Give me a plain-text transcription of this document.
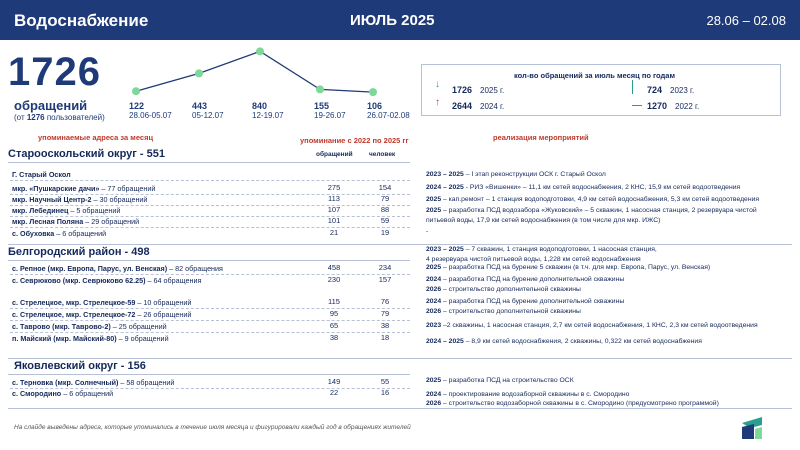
Водоснабжение	ИЮЛЬ 2025	28.06 – 02.08
1726
обращений
(от 1276 пользователей)
122
28.06-05.07
443
05-12.07
840
12-19.07
155
19-26.07
106
26.07-02.08
кол-во обращений за июль месяц по годам
↓ 1726 2025 г.
↑ 2644 2024 г.
724 2023 г.
1270 2022 г.
упоминаемые адреса за месяц	упоминание с 2022 по 2025 гг	реализация мероприятий
обращений	человек
Старооскольский округ - 551
Белгородский район - 498
Яковлевский округ - 156
Г. Старый Оскол
мкр. «Пушкарские дачи» – 77 обращений	275	154
мкр. Научный Центр-2 – 30 обращений	113	79
мкр. Лебединец – 5 обращений	107	88
мкр. Лесная Поляна – 29 обращений	101	59
с. Обуховка – 6 обращений	21	19
с. Репное (мкр. Европа, Парус, ул. Венская) – 82 обращения	458	234
с. Севрюково (мкр. Севрюково 62.25) – 64 обращения	230	157
с. Стрелецкое, мкр. Стрелецкое-59 – 10 обращений	115	76
с. Стрелецкое, мкр. Стрелецкое-72 – 26 обращений	95	79
с. Таврово (мкр. Таврово-2) – 25 обращений	65	38
п. Майский (мкр. Майский-80) – 9 обращений	38	18
с. Терновка (мкр. Солнечный) – 58 обращений	149	55
с. Смородино – 6 обращений	22	16
2023 – 2025 – I этап реконструкции ОСК г. Старый Оскол
2024 – 2025 - РИЗ «Вишенки» – 11,1 км сетей водоснабжения, 2 КНС, 15,9 км сетей водоотведения
2025 – кап.ремонт – 1 станция водоподготовки, 4,9 км сетей водоснабжения, 5,3 км сетей водоотведения
2025 – разработка ПСД водозабора «Жуковский» – 5 скважин, 1 насосная станция, 2 резервуара чистой
питьевой воды, 17,9 км сетей водоснабжения (в том числе для мкр. ИЖС)
-
2023 – 2025 – 7 скважин, 1 станция водоподготовки, 1 насосная станция,
4 резервуара чистой питьевой воды, 1,228 км сетей водоснабжения
2025 – разработка ПСД на бурение 5 скважин (в т.ч. для мкр. Европа, Парус, ул. Венская)
2024 – разработка ПСД на бурение дополнительной скважины
2026 – строительство дополнительной скважины
2024 – разработка ПСД на бурение дополнительной скважины
2026 – строительство дополнительной скважины
2023 –2 скважины, 1 насосная станция, 2,7 км сетей водоснабжения, 1 КНС, 2,3 км сетей водоотведения
2024 – 2025 – 8,9 км сетей водоснабжения, 2 скважины, 0,322 км сетей водоснабжения
2025 – разработка ПСД на строительство ОСК
2024 – проектирование водозаборной скважины в с. Смородино
2026 – строительство водозаборной скважины в с. Смородино (предусмотрено программой)
На слайде выведены адреса, которые упоминались в течение июля месяца и фигурировали каждый год в обращениях жителей
